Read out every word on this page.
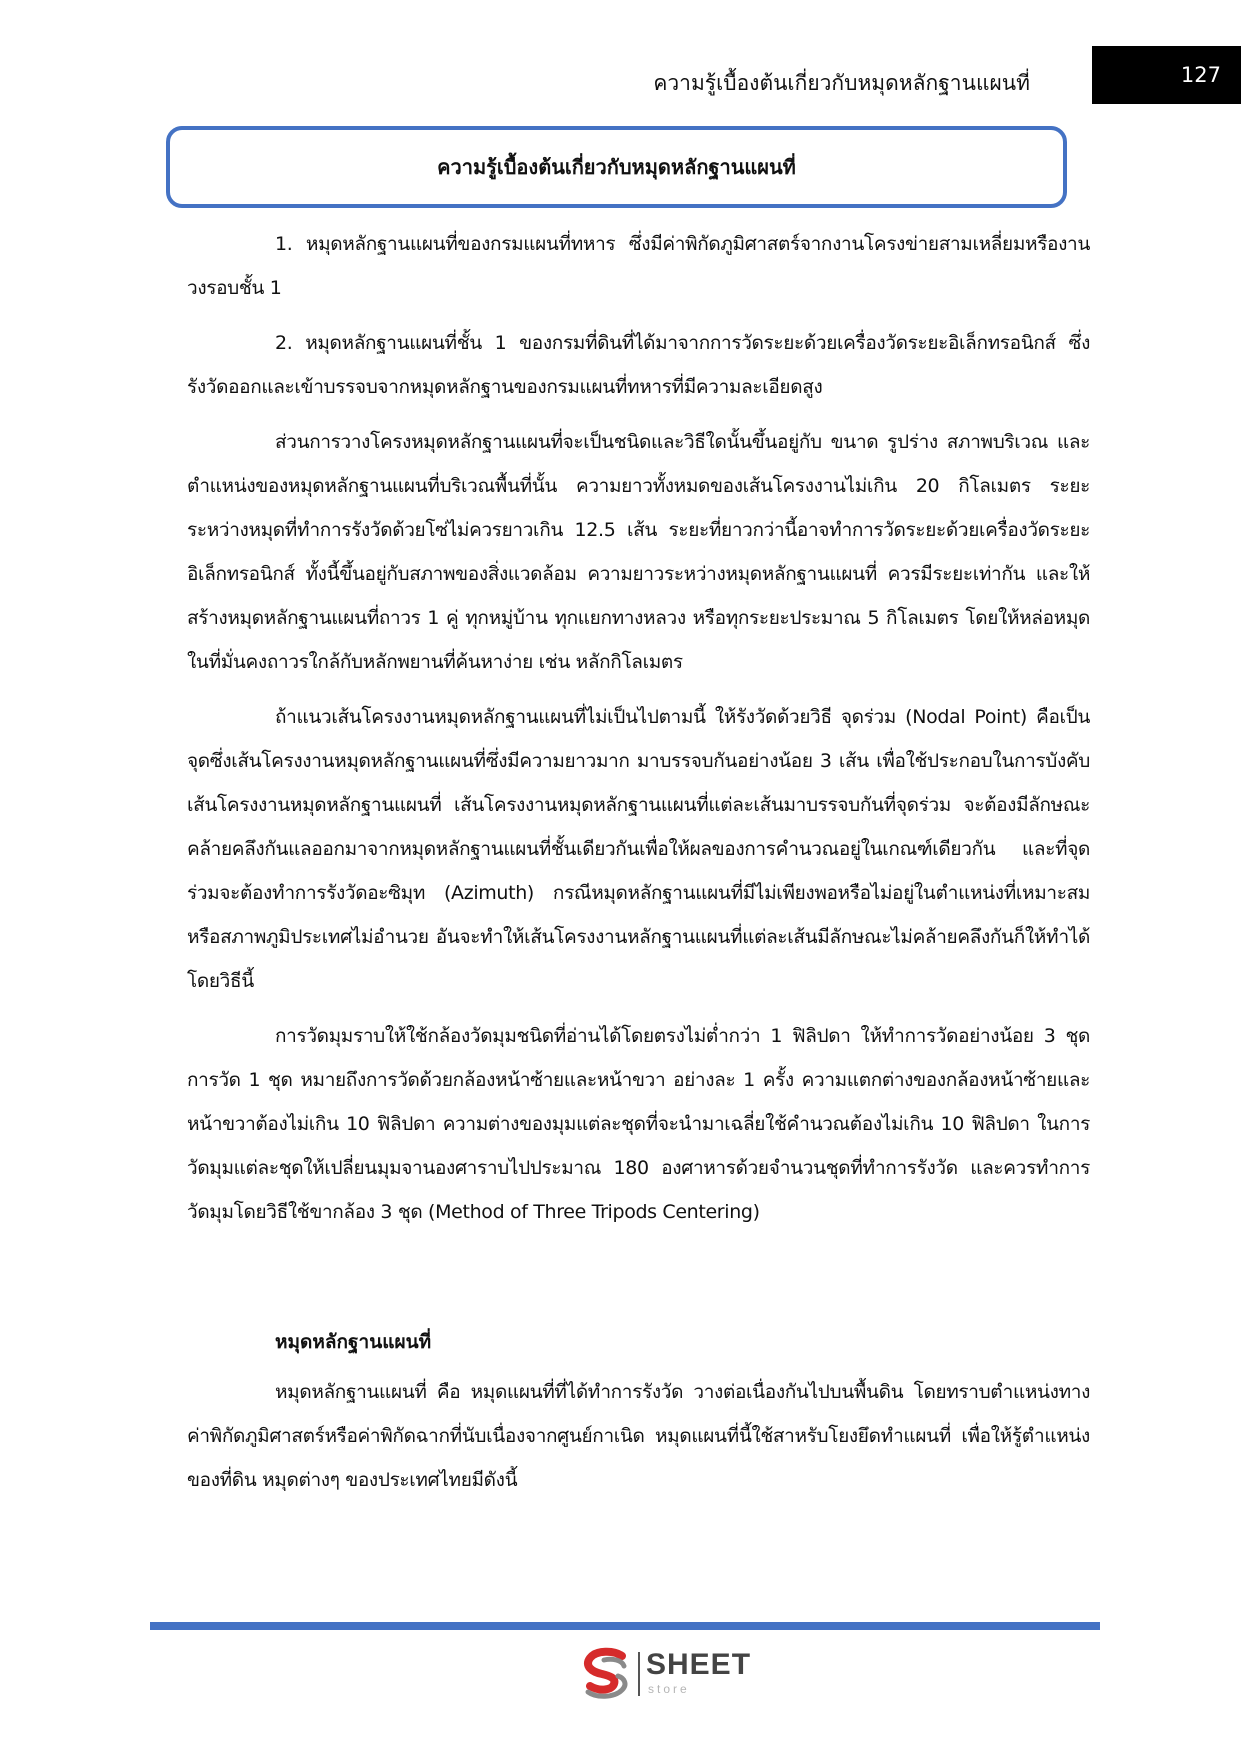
ความรู้เบื้องต้นเกี่ยวกับหมุดหลักฐานแผนที่	127
ความรู้เบื้องต้นเกี่ยวกับหมุดหลักฐานแผนที่

1. หมุดหลักฐานแผนที่ของกรมแผนที่ทหาร ซึ่งมีค่าพิกัดภูมิศาสตร์จากงานโครงข่ายสามเหลี่ยมหรืองานวงรอบชั้น 1

2. หมุดหลักฐานแผนที่ชั้น 1 ของกรมที่ดินที่ได้มาจากการวัดระยะด้วยเครื่องวัดระยะอิเล็กทรอนิกส์ ซึ่งรังวัดออกและเข้าบรรจบจากหมุดหลักฐานของกรมแผนที่ทหารที่มีความละเอียดสูง

ส่วนการวางโครงหมุดหลักฐานแผนที่จะเป็นชนิดและวิธีใดนั้นขึ้นอยู่กับ ขนาด รูปร่าง สภาพบริเวณ และตำแหน่งของหมุดหลักฐานแผนที่บริเวณพื้นที่นั้น ความยาวทั้งหมดของเส้นโครงงานไม่เกิน 20 กิโลเมตร ระยะระหว่างหมุดที่ทำการรังวัดด้วยโซ่ไม่ควรยาวเกิน 12.5 เส้น ระยะที่ยาวกว่านี้อาจทำการวัดระยะด้วยเครื่องวัดระยะอิเล็กทรอนิกส์ ทั้งนี้ขึ้นอยู่กับสภาพของสิ่งแวดล้อม ความยาวระหว่างหมุดหลักฐานแผนที่ ควรมีระยะเท่ากัน และให้สร้างหมุดหลักฐานแผนที่ถาวร 1 คู่ ทุกหมู่บ้าน ทุกแยกทางหลวง หรือทุกระยะประมาณ 5 กิโลเมตร โดยให้หล่อหมุดในที่มั่นคงถาวรใกล้กับหลักพยานที่ค้นหาง่าย เช่น หลักกิโลเมตร

ถ้าแนวเส้นโครงงานหมุดหลักฐานแผนที่ไม่เป็นไปตามนี้ ให้รังวัดด้วยวิธี จุดร่วม (Nodal Point) คือเป็นจุดซึ่งเส้นโครงงานหมุดหลักฐานแผนที่ซึ่งมีความยาวมาก มาบรรจบกันอย่างน้อย 3 เส้น เพื่อใช้ประกอบในการบังคับเส้นโครงงานหมุดหลักฐานแผนที่ เส้นโครงงานหมุดหลักฐานแผนที่แต่ละเส้นมาบรรจบกันที่จุดร่วม จะต้องมีลักษณะคล้ายคลึงกันแลออกมาจากหมุดหลักฐานแผนที่ชั้นเดียวกันเพื่อให้ผลของการคำนวณอยู่ในเกณฑ์เดียวกัน และที่จุดร่วมจะต้องทำการรังวัดอะซิมุท (Azimuth) กรณีหมุดหลักฐานแผนที่มีไม่เพียงพอหรือไม่อยู่ในตำแหน่งที่เหมาะสมหรือสภาพภูมิประเทศไม่อำนวย อันจะทำให้เส้นโครงงานหลักฐานแผนที่แต่ละเส้นมีลักษณะไม่คล้ายคลึงกันก็ให้ทำได้โดยวิธีนี้

การวัดมุมราบให้ใช้กล้องวัดมุมชนิดที่อ่านได้โดยตรงไม่ต่ำกว่า 1 ฟิลิปดา ให้ทำการวัดอย่างน้อย 3 ชุด การวัด 1 ชุด หมายถึงการวัดด้วยกล้องหน้าซ้ายและหน้าขวา อย่างละ 1 ครั้ง ความแตกต่างของกล้องหน้าซ้ายและหน้าขวาต้องไม่เกิน 10 ฟิลิปดา ความต่างของมุมแต่ละชุดที่จะนำมาเฉลี่ยใช้คำนวณต้องไม่เกิน 10 ฟิลิปดา ในการวัดมุมแต่ละชุดให้เปลี่ยนมุมจานองศาราบไปประมาณ 180 องศาหารด้วยจำนวนชุดที่ทำการรังวัด และควรทำการวัดมุมโดยวิธีใช้ขากล้อง 3 ชุด (Method of Three Tripods Centering)

หมุดหลักฐานแผนที่

หมุดหลักฐานแผนที่ คือ หมุดแผนที่ที่ได้ทำการรังวัด วางต่อเนื่องกันไปบนพื้นดิน โดยทราบตำแหน่งทางค่าพิกัดภูมิศาสตร์หรือค่าพิกัดฉากที่นับเนื่องจากศูนย์กาเนิด หมุดแผนที่นี้ใช้สาหรับโยงยึดทำแผนที่ เพื่อให้รู้ตำแหน่งของที่ดิน หมุดต่างๆ ของประเทศไทยมีดังนี้

SHEET
store
